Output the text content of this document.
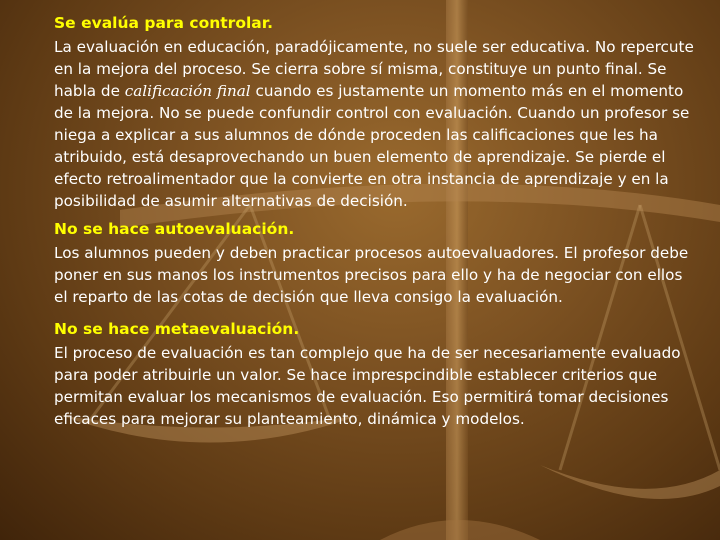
Se evalúa para controlar.

La evaluación en educación, paradójicamente, no suele ser educativa. No repercute en la mejora del proceso. Se cierra sobre sí misma, constituye un punto final. Se habla de calificación final cuando es justamente un momento más en el momento de la mejora. No se puede confundir control con evaluación. Cuando un profesor se niega a explicar a sus alumnos de dónde proceden las calificaciones que les ha atribuido, está desaprovechando un buen elemento de aprendizaje. Se pierde el efecto retroalimentador que la convierte en otra instancia de aprendizaje y en la posibilidad de asumir alternativas de decisión.

No se hace autoevaluación.

Los alumnos pueden y deben practicar procesos autoevaluadores. El profesor debe poner en sus manos los instrumentos precisos para ello y ha de negociar con ellos el reparto de las cotas de decisión que lleva consigo la evaluación.

No se hace metaevaluación.

El proceso de evaluación es tan complejo que ha de ser necesariamente evaluado para poder atribuirle un valor. Se hace imprespcindible establecer criterios que permitan evaluar los mecanismos de evaluación. Eso permitirá tomar decisiones eficaces para mejorar su planteamiento, dinámica y modelos.
